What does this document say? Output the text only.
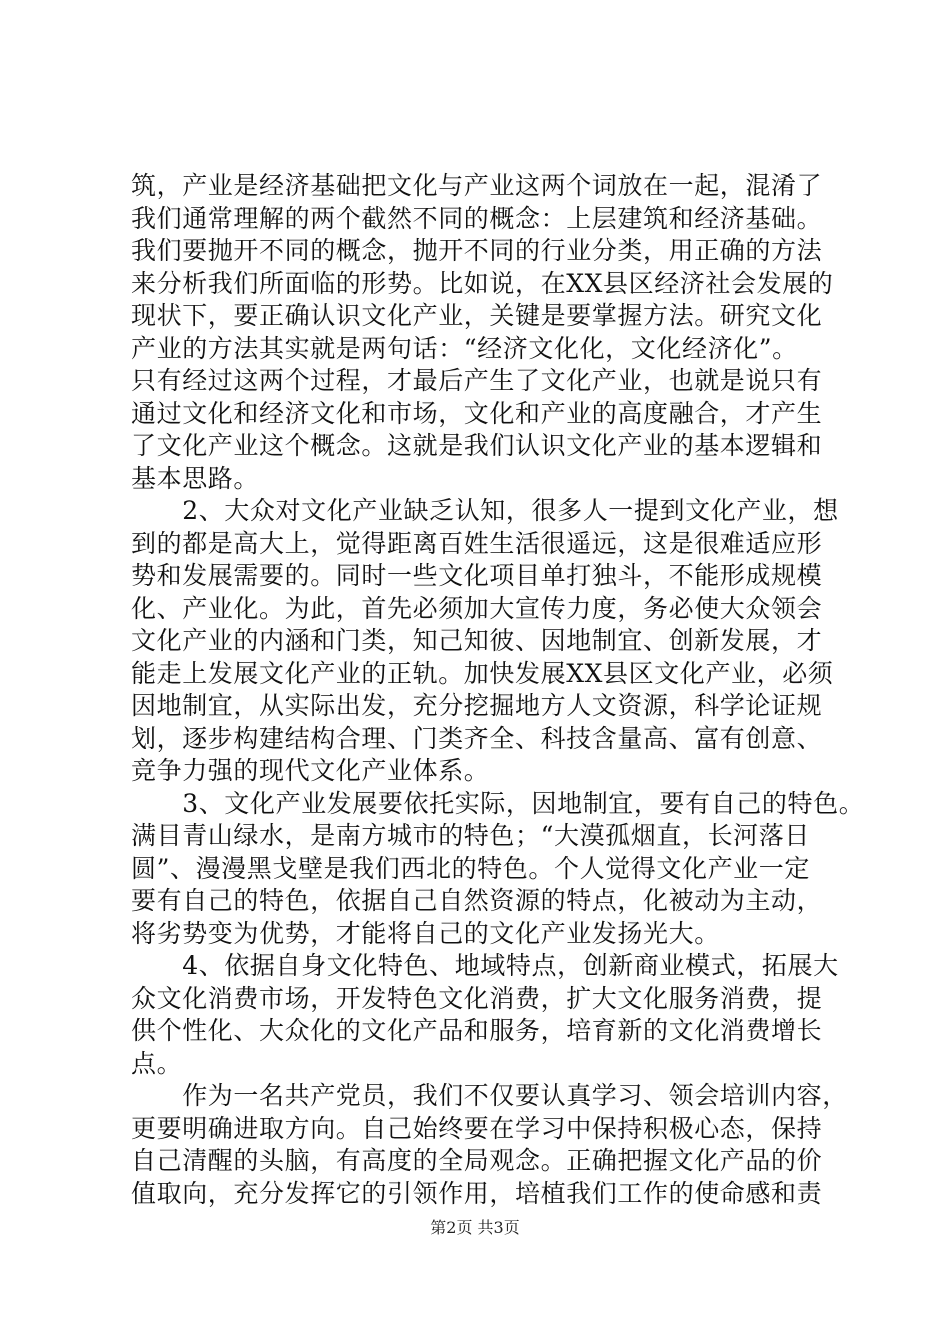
筑，产业是经济基础把文化与产业这两个词放在一起，混淆了
我们通常理解的两个截然不同的概念：上层建筑和经济基础。
我们要抛开不同的概念，抛开不同的行业分类，用正确的方法
来分析我们所面临的形势。比如说，在XX县区经济社会发展的
现状下，要正确认识文化产业，关键是要掌握方法。研究文化
产业的方法其实就是两句话：“经济文化化，文化经济化”。
只有经过这两个过程，才最后产生了文化产业，也就是说只有
通过文化和经济文化和市场，文化和产业的高度融合，才产生
了文化产业这个概念。这就是我们认识文化产业的基本逻辑和
基本思路。
　　2、大众对文化产业缺乏认知，很多人一提到文化产业，想
到的都是高大上，觉得距离百姓生活很遥远，这是很难适应形
势和发展需要的。同时一些文化项目单打独斗，不能形成规模
化、产业化。为此，首先必须加大宣传力度，务必使大众领会
文化产业的内涵和门类，知己知彼、因地制宜、创新发展，才
能走上发展文化产业的正轨。加快发展XX县区文化产业，必须
因地制宜，从实际出发，充分挖掘地方人文资源，科学论证规
划，逐步构建结构合理、门类齐全、科技含量高、富有创意、
竞争力强的现代文化产业体系。
　　3、文化产业发展要依托实际，因地制宜，要有自己的特色。
满目青山绿水，是南方城市的特色；“大漠孤烟直，长河落日
圆”、漫漫黑戈壁是我们西北的特色。个人觉得文化产业一定
要有自己的特色，依据自己自然资源的特点，化被动为主动，
将劣势变为优势，才能将自己的文化产业发扬光大。
　　4、依据自身文化特色、地域特点，创新商业模式，拓展大
众文化消费市场，开发特色文化消费，扩大文化服务消费，提
供个性化、大众化的文化产品和服务，培育新的文化消费增长
点。
　　作为一名共产党员，我们不仅要认真学习、领会培训内容，
更要明确进取方向。自己始终要在学习中保持积极心态，保持
自己清醒的头脑，有高度的全局观念。正确把握文化产品的价
值取向，充分发挥它的引领作用，培植我们工作的使命感和责
第2页 共3页
